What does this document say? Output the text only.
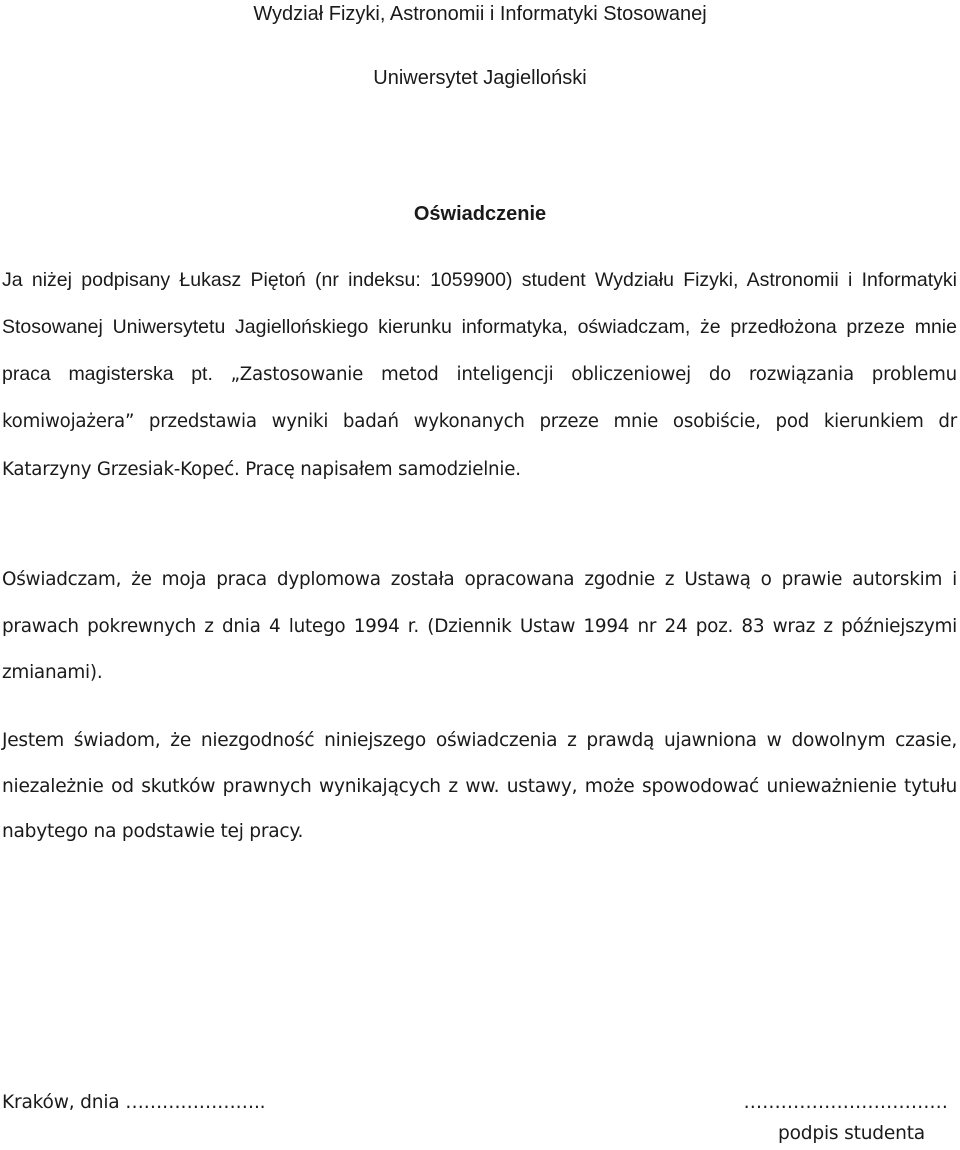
Wydział Fizyki, Astronomii i Informatyki Stosowanej

Uniwersytet Jagielloński

Oświadczenie

Ja niżej podpisany Łukasz Piętoń (nr indeksu: 1059900) student Wydziału Fizyki, Astronomii i Informatyki Stosowanej Uniwersytetu Jagiellońskiego kierunku informatyka, oświadczam, że przedłożona przeze mnie praca magisterska pt. „Zastosowanie metod inteligencji obliczeniowej do rozwiązania problemu komiwojażera” przedstawia wyniki badań wykonanych przeze mnie osobiście, pod kierunkiem dr Katarzyny Grzesiak-Kopeć. Pracę napisałem samodzielnie.

Oświadczam, że moja praca dyplomowa została opracowana zgodnie z Ustawą o prawie autorskim i prawach pokrewnych z dnia 4 lutego 1994 r. (Dziennik Ustaw 1994 nr 24 poz. 83 wraz z późniejszymi zmianami).

Jestem świadom, że niezgodność niniejszego oświadczenia z prawdą ujawniona w dowolnym czasie, niezależnie od skutków prawnych wynikających z ww. ustawy, może spowodować unieważnienie tytułu nabytego na podstawie tej pracy.

Kraków, dnia …………………..	……………………………

podpis studenta
